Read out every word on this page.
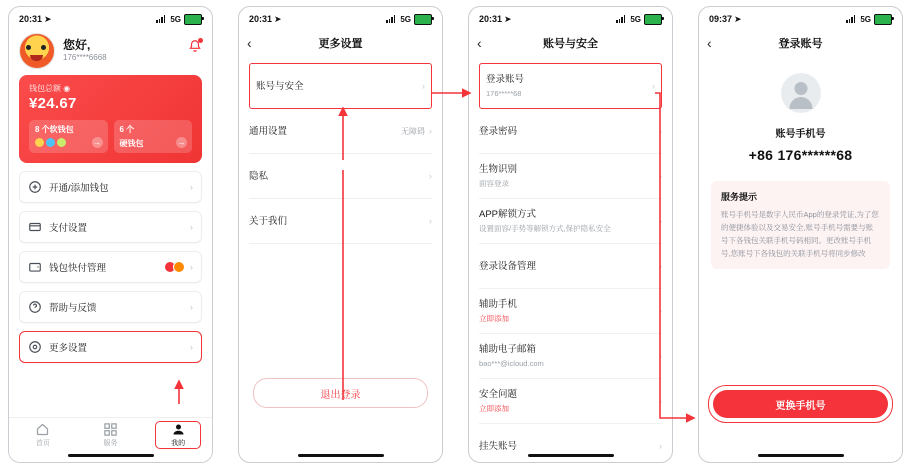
20:31 ➤	5G
您好,
176****6668
钱包总额 ◉
¥24.67
8 个软钱包
→
6 个
硬钱包	→
开通/添加钱包	›
支付设置	›
钱包快付管理	›
帮助与反馈	›
更多设置	›
首页	服务	我的
20:31 ➤	5G
‹	更多设置
账号与安全	›
通用设置	无障碍 ›
隐私	›
关于我们	›
退出登录
20:31 ➤	5G
‹	账号与安全
登录账号
176*****68
›
登录密码	›
生物识别
面容登录
›
APP解锁方式
设置面容/手势等解锁方式,保护隐私安全
›
登录设备管理	›
辅助手机
立即添加
›
辅助电子邮箱
bao***@icloud.com
›
安全问题
立即添加
›
挂失账号	›
09:37 ➤	5G
‹	登录账号
账号手机号
+86 176******68
服务提示
账号手机号是数字人民币App的登录凭证,为了您的便捷体验以及交易安全,账号手机号需要与账号下各钱包关联手机号码相同。更改账号手机号,您账号下各钱包的关联手机号将同步修改
更换手机号
